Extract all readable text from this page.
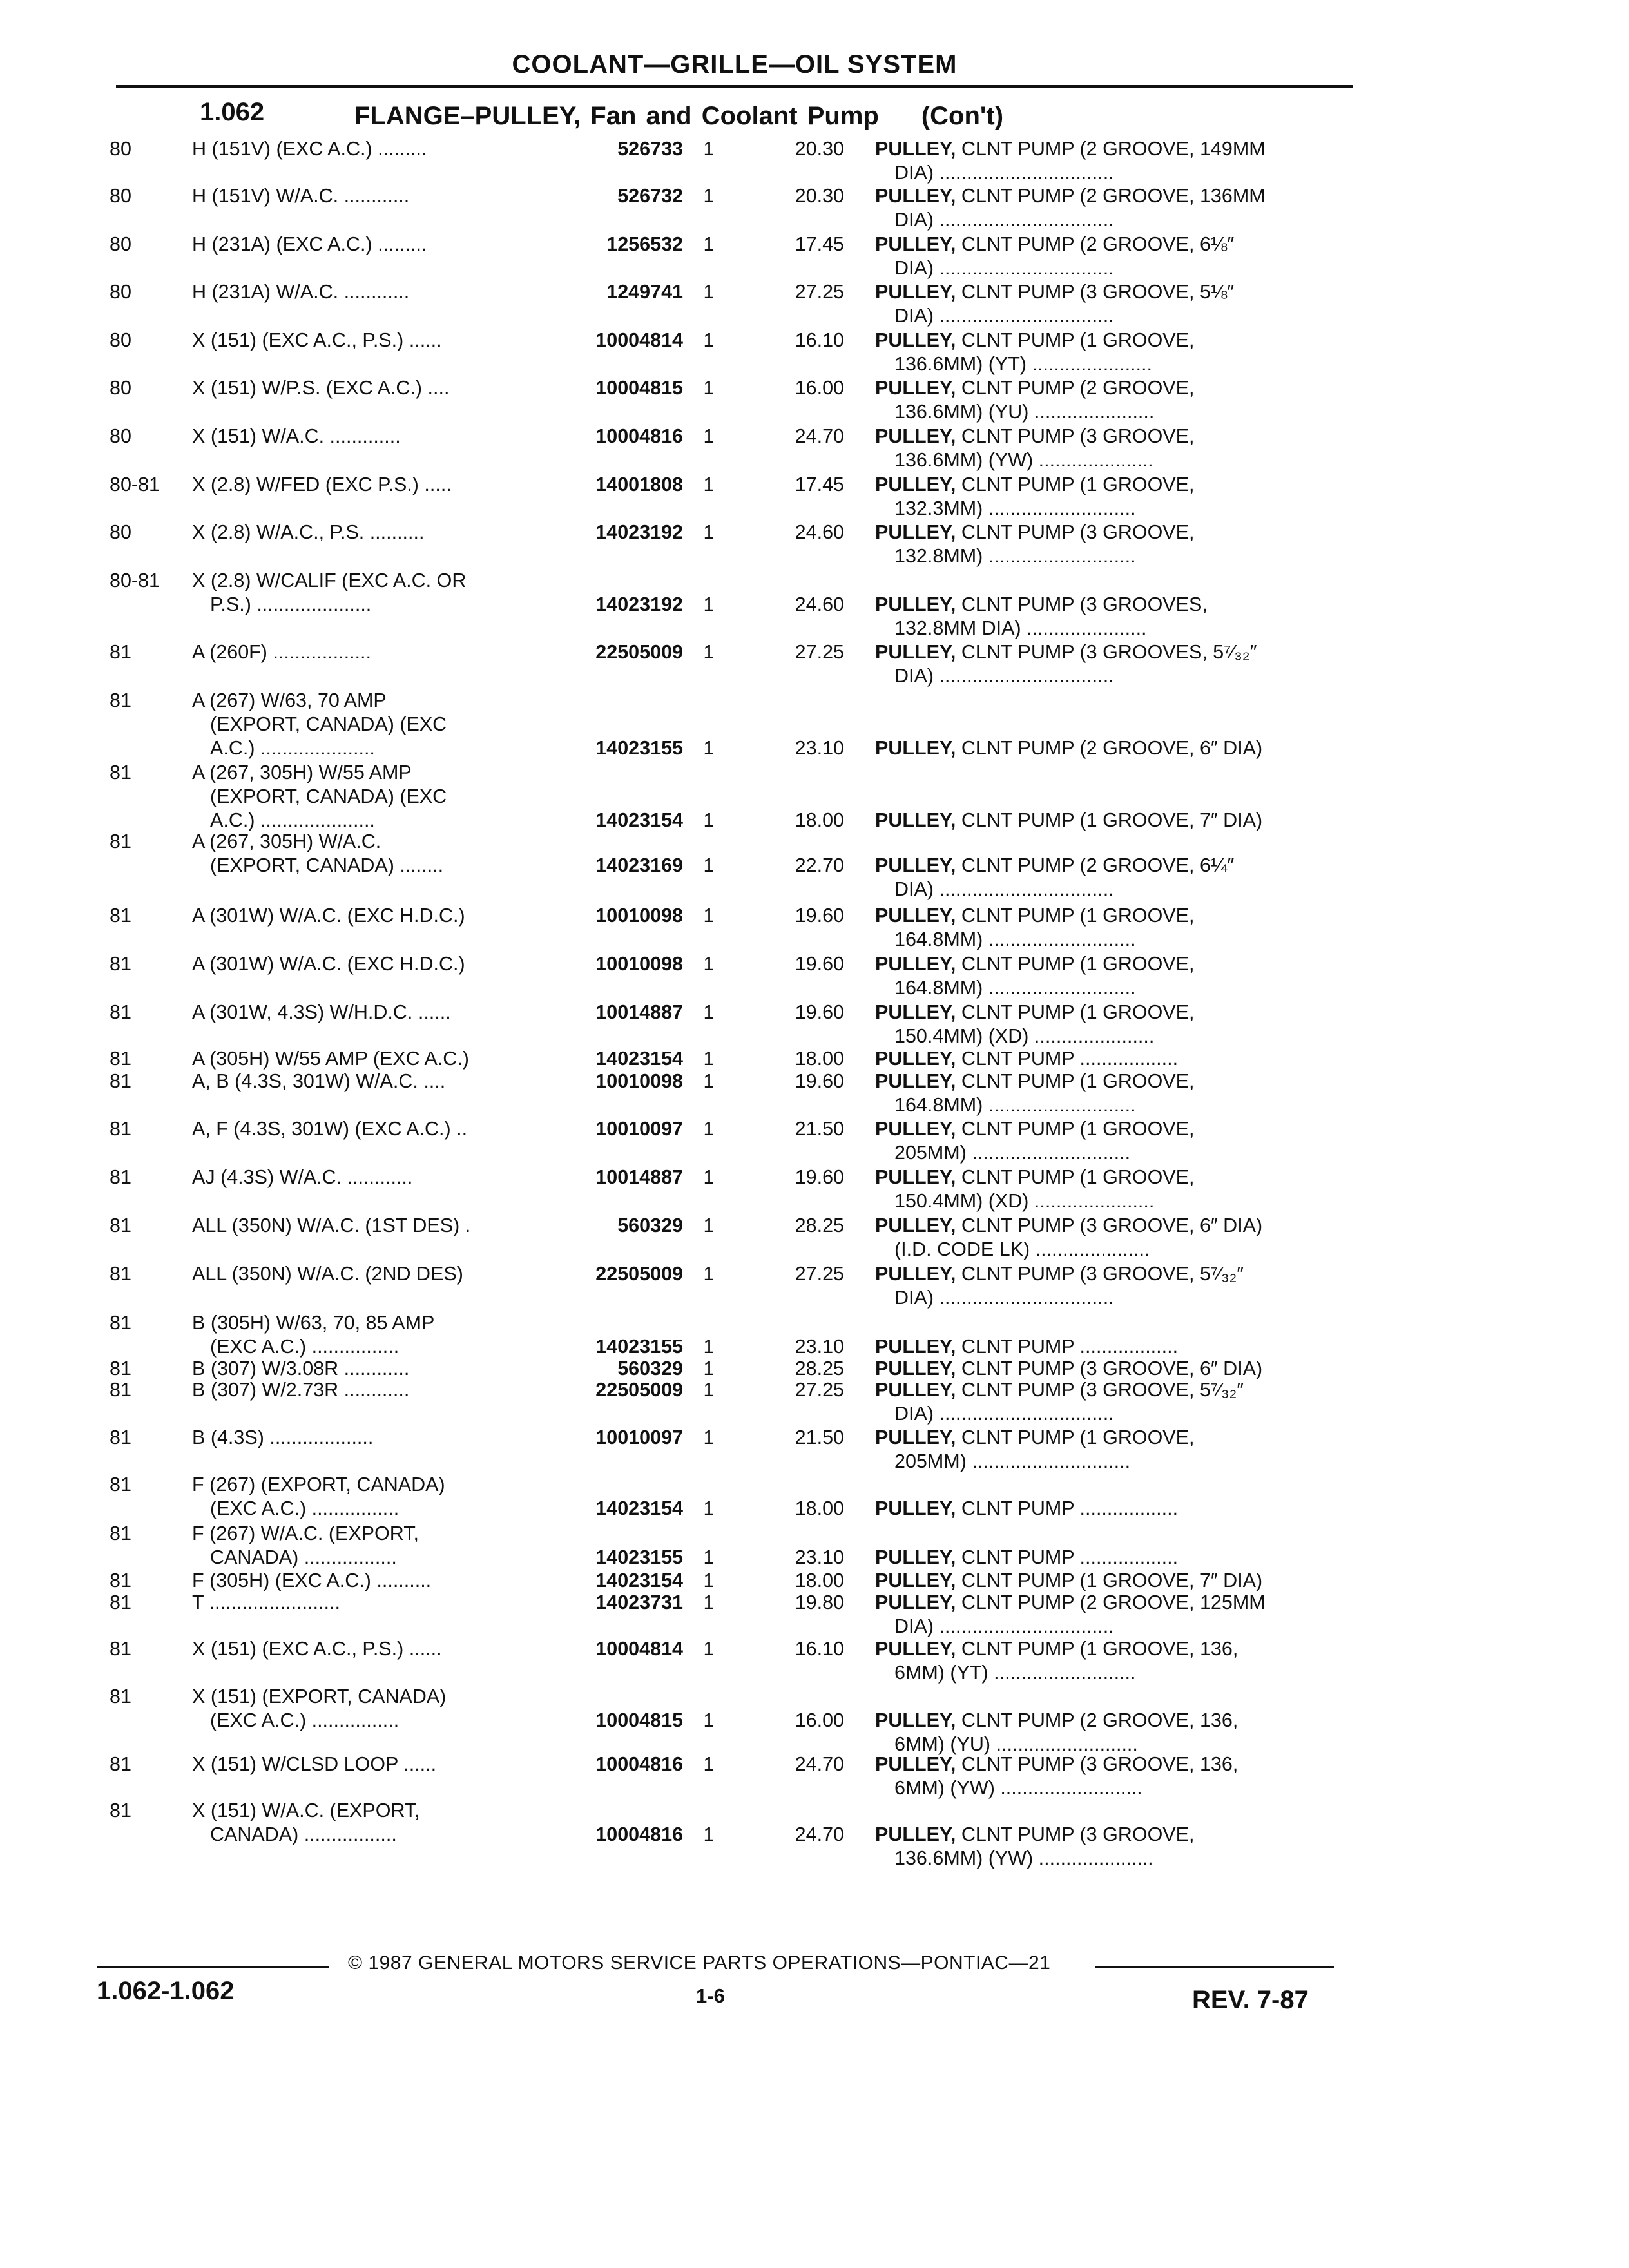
COOLANT—GRILLE—OIL SYSTEM
1.062	FLANGE–PULLEY, Fan and Coolant Pump (Con't)
80	H (151V) (EXC A.C.) .........	526733	1	20.30 PULLEY, CLNT PUMP (2 GROOVE, 149MM
DIA) ................................
80	H (151V) W/A.C. ............	526732	1	20.30 PULLEY, CLNT PUMP (2 GROOVE, 136MM
DIA) ................................
80	H (231A) (EXC A.C.) .........	1256532	1	17.45 PULLEY, CLNT PUMP (2 GROOVE, 6⅛″
DIA) ................................
80	H (231A) W/A.C. ............	1249741	1	27.25 PULLEY, CLNT PUMP (3 GROOVE, 5⅛″
DIA) ................................
80	X (151) (EXC A.C., P.S.) ......	10004814	1	16.10 PULLEY, CLNT PUMP (1 GROOVE,
136.6MM) (YT) ......................
80	X (151) W/P.S. (EXC A.C.) ....	10004815	1	16.00 PULLEY, CLNT PUMP (2 GROOVE,
136.6MM) (YU) ......................
80	X (151) W/A.C. .............	10004816	1	24.70 PULLEY, CLNT PUMP (3 GROOVE,
136.6MM) (YW) .....................
80-81	X (2.8) W/FED (EXC P.S.) .....	14001808	1	17.45 PULLEY, CLNT PUMP (1 GROOVE,
132.3MM) ...........................
80	X (2.8) W/A.C., P.S. ..........	14023192	1	24.60 PULLEY, CLNT PUMP (3 GROOVE,
132.8MM) ...........................
80-81	X (2.8) W/CALIF (EXC A.C. OR
P.S.) .....................	14023192	1	24.60 PULLEY, CLNT PUMP (3 GROOVES,
132.8MM DIA) ......................
81	A (260F) ..................	22505009	1	27.25 PULLEY, CLNT PUMP (3 GROOVES, 5⁷⁄₃₂″
DIA) ................................
81	A (267) W/63, 70 AMP
(EXPORT, CANADA) (EXC
A.C.) .....................	14023155	1	23.10 PULLEY, CLNT PUMP (2 GROOVE, 6″ DIA)
81	A (267, 305H) W/55 AMP
(EXPORT, CANADA) (EXC
A.C.) .....................	14023154	1	18.00 PULLEY, CLNT PUMP (1 GROOVE, 7″ DIA)
81	A (267, 305H) W/A.C.
(EXPORT, CANADA) ........	14023169	1	22.70 PULLEY, CLNT PUMP (2 GROOVE, 6¼″
DIA) ................................
81	A (301W) W/A.C. (EXC H.D.C.)	10010098	1	19.60 PULLEY, CLNT PUMP (1 GROOVE,
164.8MM) ...........................
81	A (301W) W/A.C. (EXC H.D.C.)	10010098	1	19.60 PULLEY, CLNT PUMP (1 GROOVE,
164.8MM) ...........................
81	A (301W, 4.3S) W/H.D.C. ......	10014887	1	19.60 PULLEY, CLNT PUMP (1 GROOVE,
150.4MM) (XD) ......................
81	A (305H) W/55 AMP (EXC A.C.)	14023154	1	18.00 PULLEY, CLNT PUMP ..................
81	A, B (4.3S, 301W) W/A.C. ....	10010098	1	19.60 PULLEY, CLNT PUMP (1 GROOVE,
164.8MM) ...........................
81	A, F (4.3S, 301W) (EXC A.C.) ..	10010097	1	21.50 PULLEY, CLNT PUMP (1 GROOVE,
205MM) .............................
81	AJ (4.3S) W/A.C. ............	10014887	1	19.60 PULLEY, CLNT PUMP (1 GROOVE,
150.4MM) (XD) ......................
81	ALL (350N) W/A.C. (1ST DES) .	560329	1	28.25 PULLEY, CLNT PUMP (3 GROOVE, 6″ DIA)
(I.D. CODE LK) .....................
81	ALL (350N) W/A.C. (2ND DES)	22505009	1	27.25 PULLEY, CLNT PUMP (3 GROOVE, 5⁷⁄₃₂″
DIA) ................................
81	B (305H) W/63, 70, 85 AMP
(EXC A.C.) ................	14023155	1	23.10 PULLEY, CLNT PUMP ..................
81	B (307) W/3.08R ............	560329	1	28.25 PULLEY, CLNT PUMP (3 GROOVE, 6″ DIA)
81	B (307) W/2.73R ............	22505009	1	27.25 PULLEY, CLNT PUMP (3 GROOVE, 5⁷⁄₃₂″
DIA) ................................
81	B (4.3S) ...................	10010097	1	21.50 PULLEY, CLNT PUMP (1 GROOVE,
205MM) .............................
81	F (267) (EXPORT, CANADA)
(EXC A.C.) ................	14023154	1	18.00 PULLEY, CLNT PUMP ..................
81	F (267) W/A.C. (EXPORT,
CANADA) .................	14023155	1	23.10 PULLEY, CLNT PUMP ..................
81	F (305H) (EXC A.C.) ..........	14023154	1	18.00 PULLEY, CLNT PUMP (1 GROOVE, 7″ DIA)
81	T ........................	14023731	1	19.80 PULLEY, CLNT PUMP (2 GROOVE, 125MM
DIA) ................................
81	X (151) (EXC A.C., P.S.) ......	10004814	1	16.10 PULLEY, CLNT PUMP (1 GROOVE, 136,
6MM) (YT) ..........................
81	X (151) (EXPORT, CANADA)
(EXC A.C.) ................	10004815	1	16.00 PULLEY, CLNT PUMP (2 GROOVE, 136,
6MM) (YU) ..........................
81	X (151) W/CLSD LOOP ......	10004816	1	24.70 PULLEY, CLNT PUMP (3 GROOVE, 136,
6MM) (YW) ..........................
81	X (151) W/A.C. (EXPORT,
CANADA) .................	10004816	1	24.70 PULLEY, CLNT PUMP (3 GROOVE,
136.6MM) (YW) .....................
© 1987 GENERAL MOTORS SERVICE PARTS OPERATIONS—PONTIAC—21
1.062-1.062	1-6	REV. 7-87
